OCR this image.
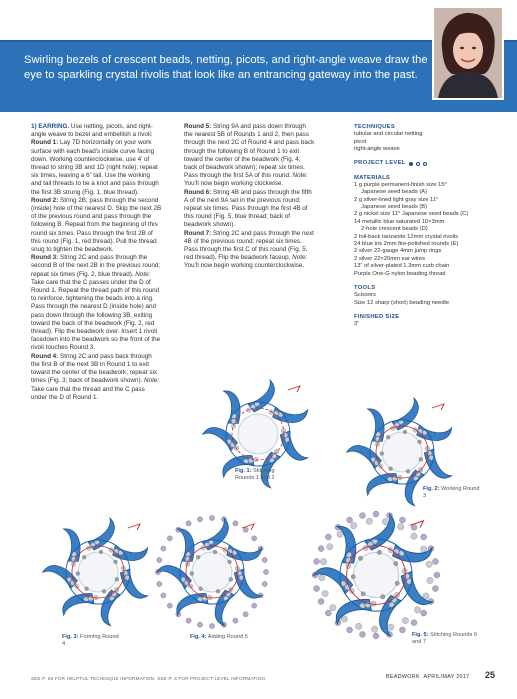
Swirling bezels of crescent beads, netting, picots, and right-angle weave draw the eye to sparkling crystal rivolis that look like an entrancing gateway into the past.

1) EARRING. Use netting, picots, and right-angle weave to bezel and embellish a rivoli:

Round 1: Lay 7D horizontally on your work surface with each bead’s inside curve facing down. Working counterclockwise, use 4’ of thread to string 3B and 1D (right hole); repeat six times, leaving a 6” tail. Use the working and tail threads to tie a knot and pass through the first 3B strung (Fig. 1, blue thread).

Round 2: String 2B; pass through the second (inside) hole of the nearest D. Skip the next 2B of the previous round and pass through the following B. Repeat from the beginning of this round six times. Pass through the first 2B of this round (Fig. 1, red thread). Pull the thread snug to tighten the beadwork.

Round 3: String 2C and pass through the second B of the next 2B in the previous round; repeat six times (Fig. 2, blue thread). Note: Take care that the C passes under the D of Round 1. Repeat the thread path of this round to reinforce, tightening the beads into a ring. Pass through the nearest D (inside hole) and pass down through the following 3B, exiting toward the back of the beadwork (Fig. 2, red thread). Flip the beadwork over. Insert 1 rivoli facedown into the beadwork so the front of the rivoli touches Round 3.

Round 4: String 2C and pass back through the first B of the next 3B in Round 1 to exit toward the center of the beadwork; repeat six times (Fig. 3; back of beadwork shown). Note: Take care that the thread and the C pass under the D of Round 1.

Round 5: String 9A and pass down through the nearest 5B of Rounds 1 and 2, then pass through the next 2C of Round 4 and pass back through the following B of Round 1 to exit toward the center of the beadwork (Fig. 4; back of beadwork shown); repeat six times. Pass through the first 5A of this round. Note: You’ll now begin working clockwise.

Round 6: String 4B and pass through the fifth A of the next 9A set in the previous round; repeat six times. Pass through the first 4B of this round (Fig. 5, blue thread; back of beadwork shown).

Round 7: String 2C and pass through the next 4B of the previous round; repeat six times. Pass through the first C of this round (Fig. 5, red thread). Flip the beadwork faceup. Note: You’ll now begin working counterclockwise.

TECHNIQUES
tubular and circular netting
picot
right-angle weave
PROJECT LEVEL
MATERIALS
1 g purple permanent-finish size 15°
Japanese seed beads (A)
2 g silver-lined light gray size 11°
Japanese seed beads (B)
2 g nickel size 11° Japanese seed beads (C)
14 metallic blue saturated 10×3mm
2-hole crescent beads (D)
2 foil-back tanzanite 12mm crystal rivolis
24 blue iris 2mm fire-polished rounds (E)
2 silver 22-gauge 4mm jump rings
2 silver 22×20mm ear wires
13” of silver-plated 1.3mm curb chain
Purple One-G nylon beading thread
TOOLS
Scissors
Size 12 sharp (short) beading needle
FINISHED SIZE
3”
Fig. 1: Stitching Rounds 1 and 2
Fig. 2: Working Round 3
Fig. 3: Forming Round 4
Fig. 4: Adding Round 5	Fig. 5: Stitching Rounds 6 and 7
SEE P. 85 FOR HELPFUL TECHNIQUE INFORMATION. SEE P. 3 FOR PROJECT-LEVEL INFORMATION.	BEADWORK APRIL/MAY 2017 25
